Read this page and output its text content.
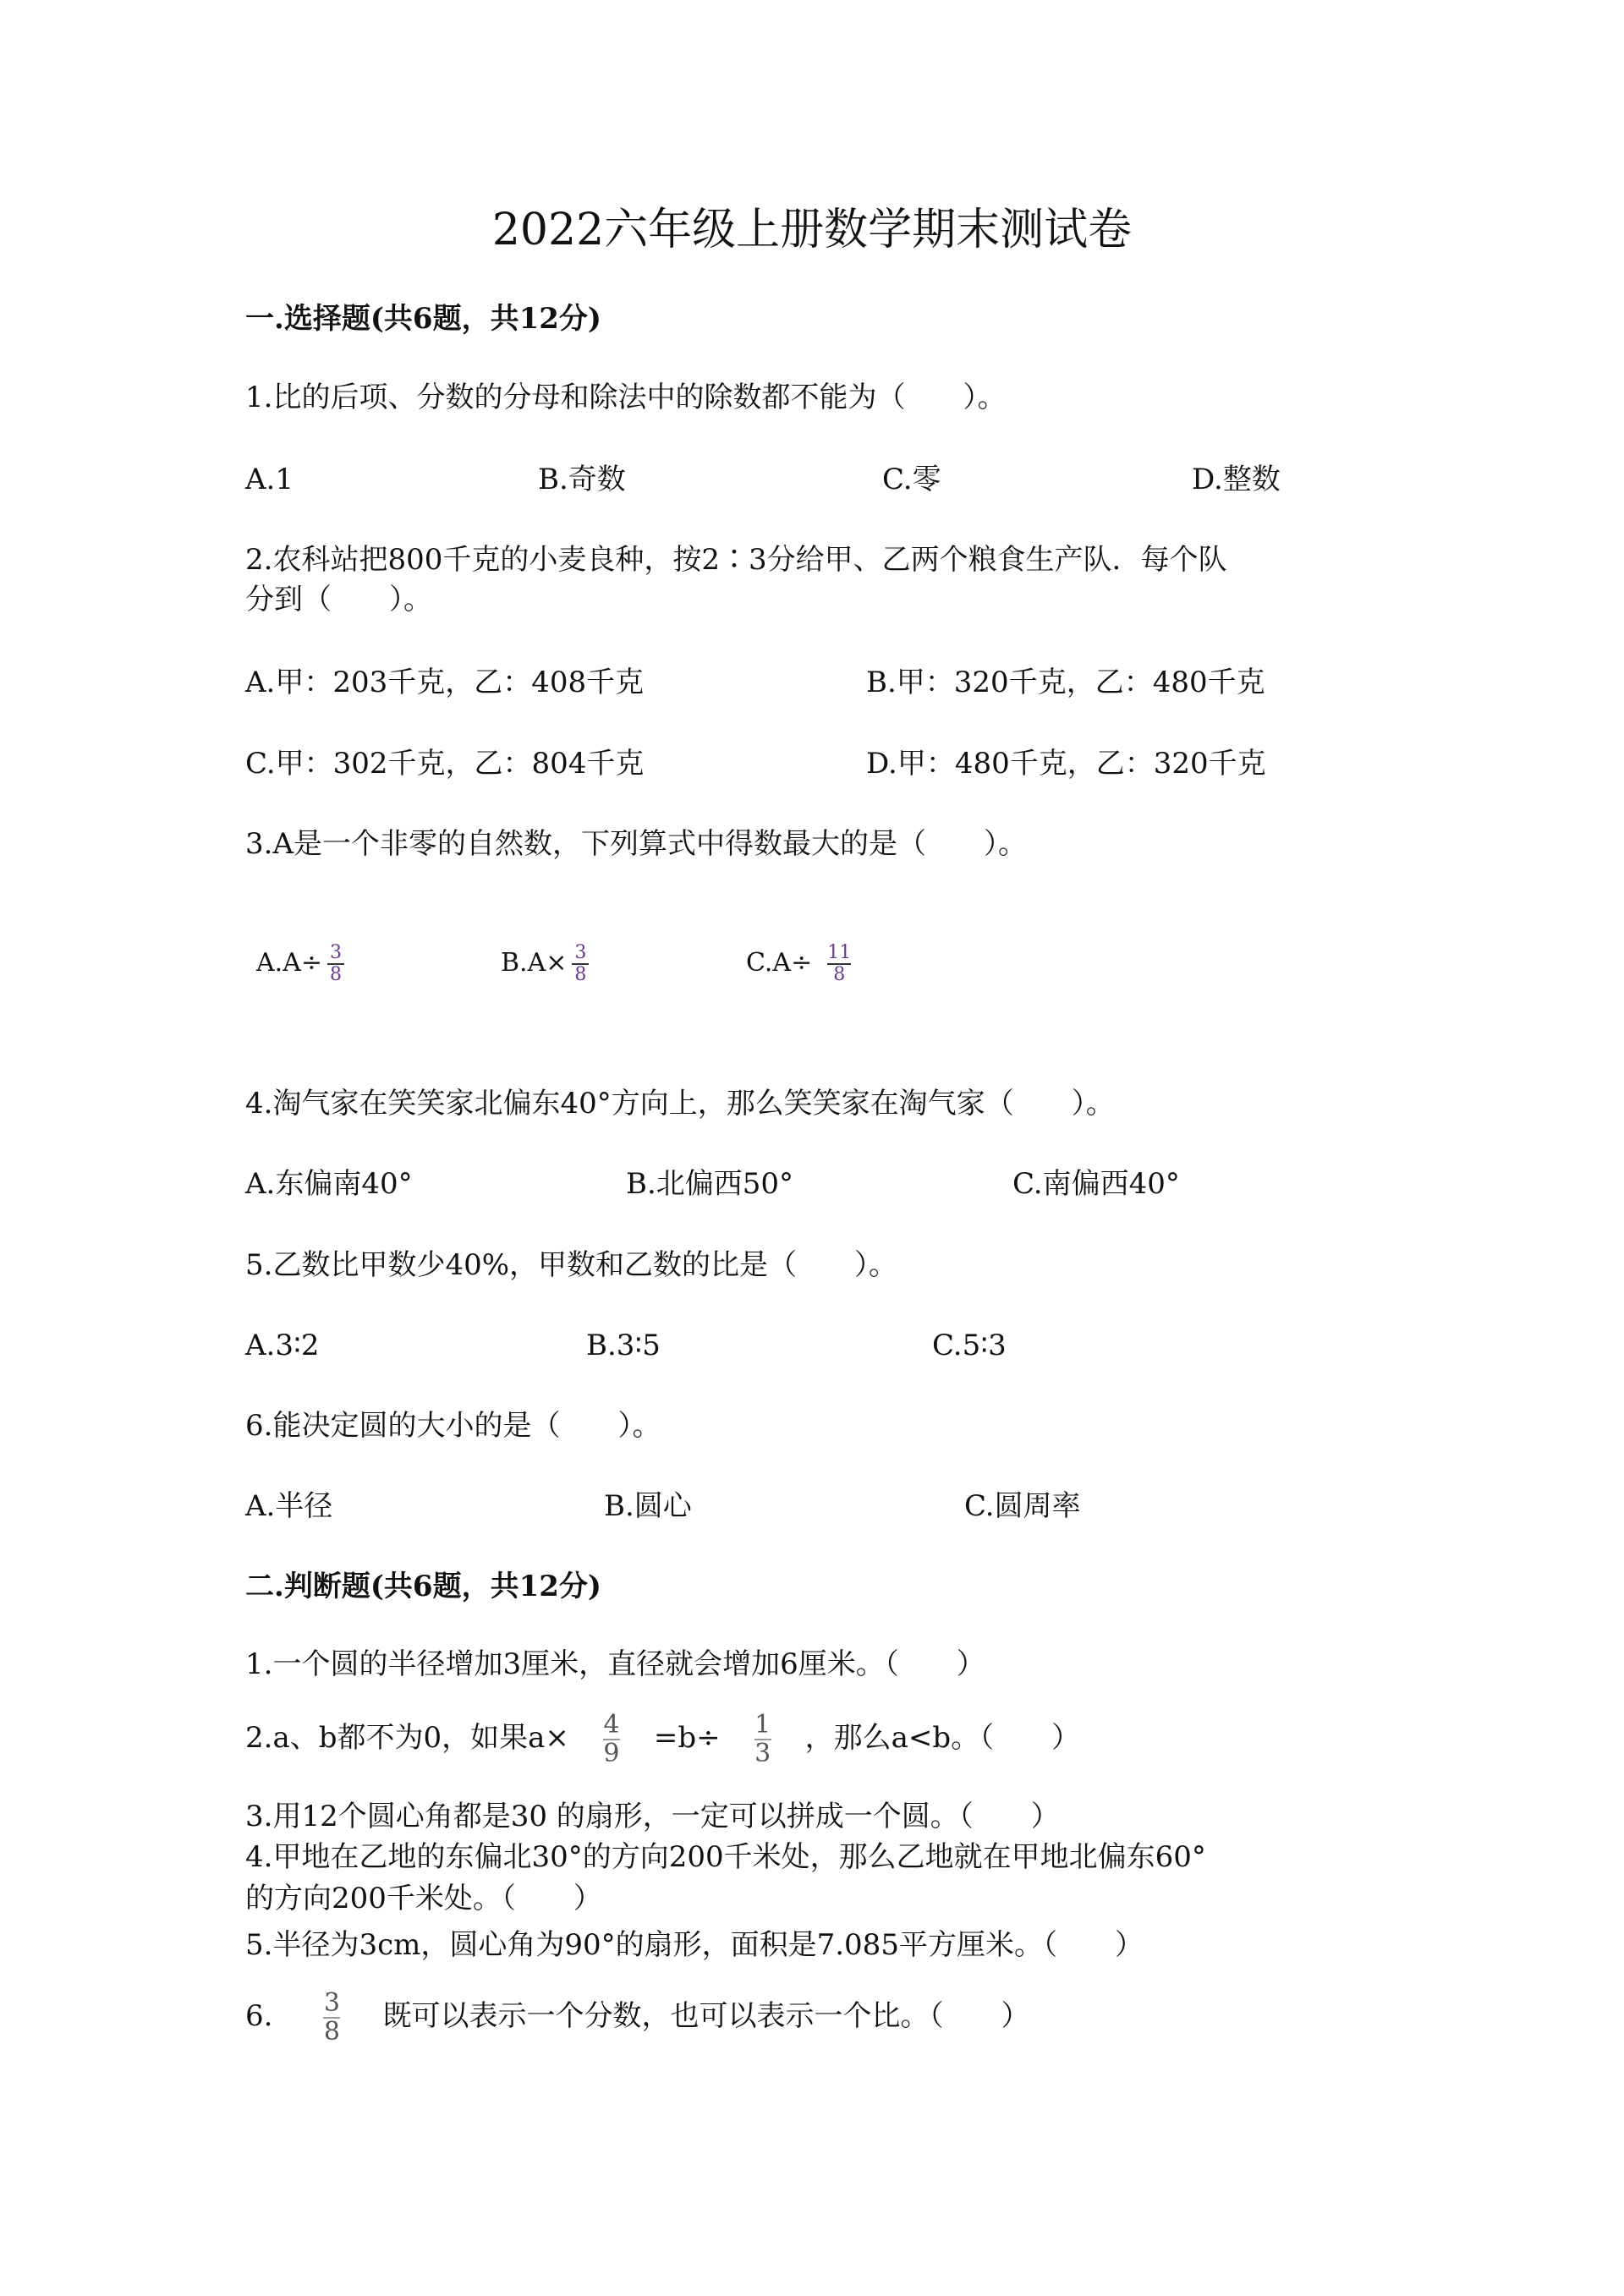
2022六年级上册数学期末测试卷
一.选择题(共6题，共12分)
1.比的后项、分数的分母和除法中的除数都不能为（　　）。
A.1	B.奇数	C.零	D.整数
2.农科站把800千克的小麦良种，按2∶3分给甲、乙两个粮食生产队．每个队
分到（　　）。
A.甲：203千克，乙：408千克	B.甲：320千克，乙：480千克
C.甲：302千克，乙：804千克	D.甲：480千克，乙：320千克
3.A是一个非零的自然数，下列算式中得数最大的是（　　）。
$A.A\div \frac{3}{8}$	$B.A\times \frac{3}{8}$	$C.A\div \frac{11}{8}$
4.淘气家在笑笑家北偏东40°方向上，那么笑笑家在淘气家（　　）。
A.东偏南40°	B.北偏西50°	C.南偏西40°
5.乙数比甲数少40%，甲数和乙数的比是（　　）。
A.3∶2	B.3∶5	C.5∶3
6.能决定圆的大小的是（　　）。
A.半径	B.圆心	C.圆周率
二.判断题(共6题，共12分)
1.一个圆的半径增加3厘米，直径就会增加6厘米。（　　）
2.a、b都不为0，如果$a\times \frac{4}{9} =b\div \frac{1}{3}$ ，那么a<b。（　　）
3.用12个圆心角都是30 的扇形，一定可以拼成一个圆。（　　）
4.甲地在乙地的东偏北30°的方向200千米处，那么乙地就在甲地北偏东60°
的方向200千米处。（　　）
5.半径为3cm，圆心角为90°的扇形，面积是7.085平方厘米。（　　）
6. $\frac{3}{8}$ 既可以表示一个分数，也可以表示一个比。（　　）
